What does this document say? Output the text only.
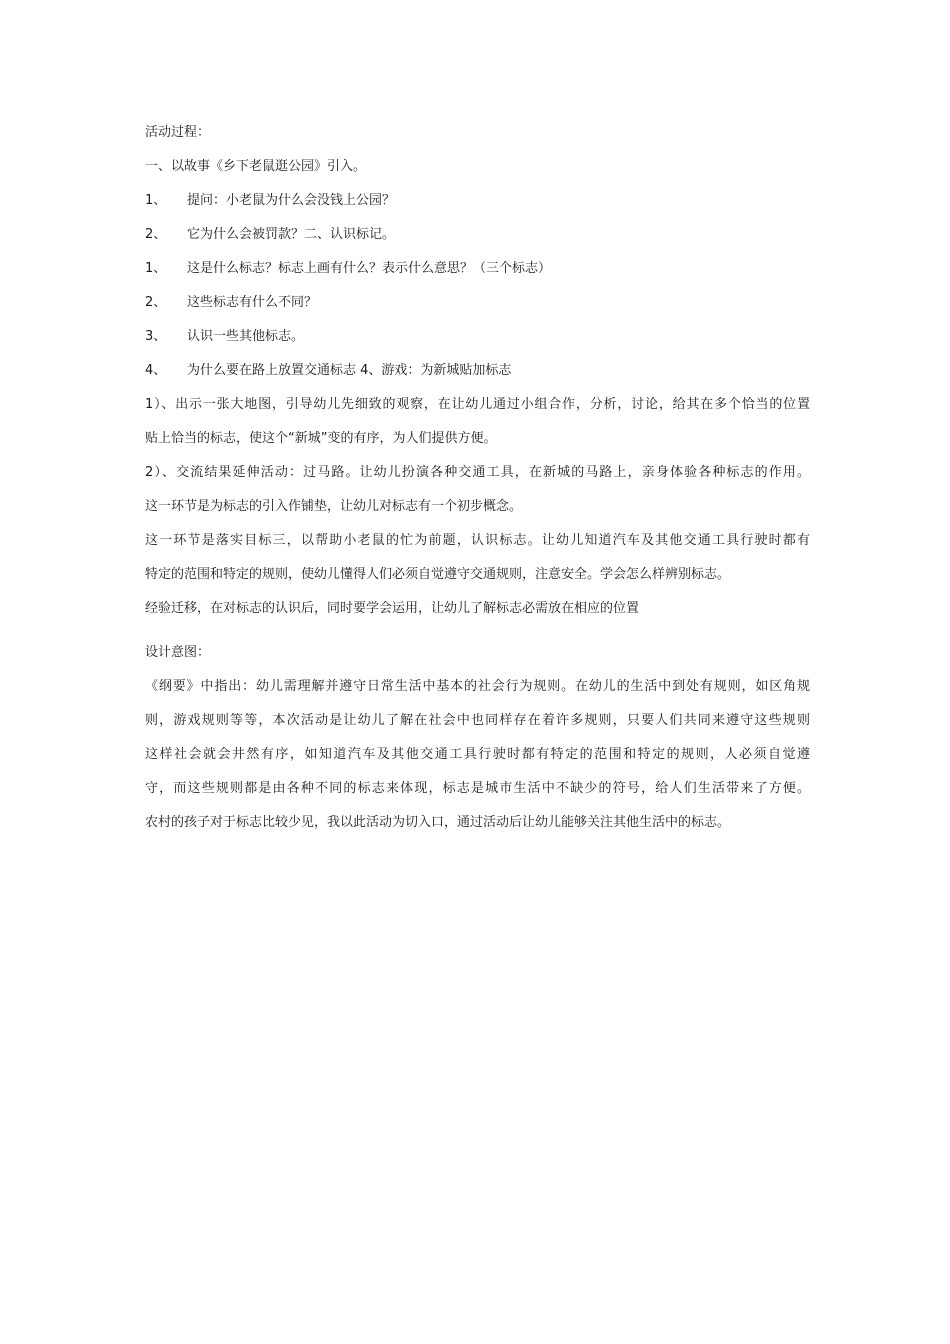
活动过程：
一、以故事《乡下老鼠逛公园》引入。
1、 提问：小老鼠为什么会没钱上公园？
2、 它为什么会被罚款？二、认识标记。
1、 这是什么标志？标志上画有什么？表示什么意思？（三个标志）
2、 这些标志有什么不同？
3、 认识一些其他标志。
4、 为什么要在路上放置交通标志 4、游戏：为新城贴加标志
1）、出示一张大地图，引导幼儿先细致的观察，在让幼儿通过小组合作，分析，讨论，给其在多个恰当的位置
贴上恰当的标志，使这个“新城”变的有序，为人们提供方便。
2）、交流结果延伸活动：过马路。让幼儿扮演各种交通工具，在新城的马路上，亲身体验各种标志的作用。
这一环节是为标志的引入作铺垫，让幼儿对标志有一个初步概念。
这一环节是落实目标三，以帮助小老鼠的忙为前题，认识标志。让幼儿知道汽车及其他交通工具行驶时都有
特定的范围和特定的规则，使幼儿懂得人们必须自觉遵守交通规则，注意安全。学会怎么样辨别标志。
经验迁移，在对标志的认识后，同时要学会运用，让幼儿了解标志必需放在相应的位置
设计意图：
《纲要》中指出：幼儿需理解并遵守日常生活中基本的社会行为规则。在幼儿的生活中到处有规则，如区角规
则，游戏规则等等，本次活动是让幼儿了解在社会中也同样存在着许多规则，只要人们共同来遵守这些规则
这样社会就会井然有序，如知道汽车及其他交通工具行驶时都有特定的范围和特定的规则，人必须自觉遵
守，而这些规则都是由各种不同的标志来体现，标志是城市生活中不缺少的符号，给人们生活带来了方便。
农村的孩子对于标志比较少见，我以此活动为切入口，通过活动后让幼儿能够关注其他生活中的标志。
